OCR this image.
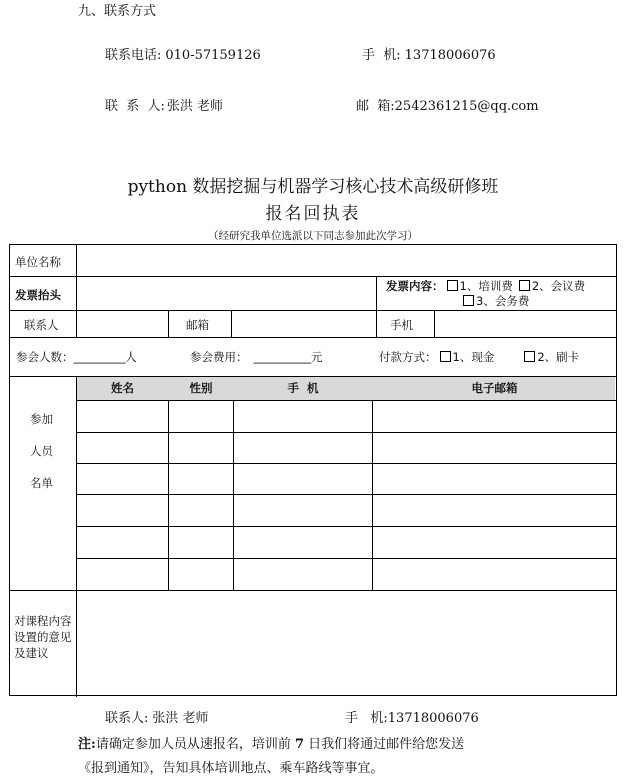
九、联系方式
联系电话: 010-57159126	手  机: 13718006076
联  系  人: 张洪 老师	邮  箱:2542361215@qq.com
python 数据挖掘与机器学习核心技术高级研修班
报名回执表
（经研究我单位选派以下同志参加此次学习）
单位名称
发票抬头
发票内容： 1、培训费 2、会议费
3、会务费
联系人	邮箱	手机
参会人数：_________人	参会费用： __________元	付款方式： 1、现金	2、刷卡
姓名	性别	手  机	电子邮箱
参加
人员
名单
对课程内容设置的意见及建议
联系人: 张洪 老师	手   机:13718006076
注:请确定参加人员从速报名，培训前 7 日我们将通过邮件给您发送
《报到通知》，告知具体培训地点、乘车路线等事宜。
